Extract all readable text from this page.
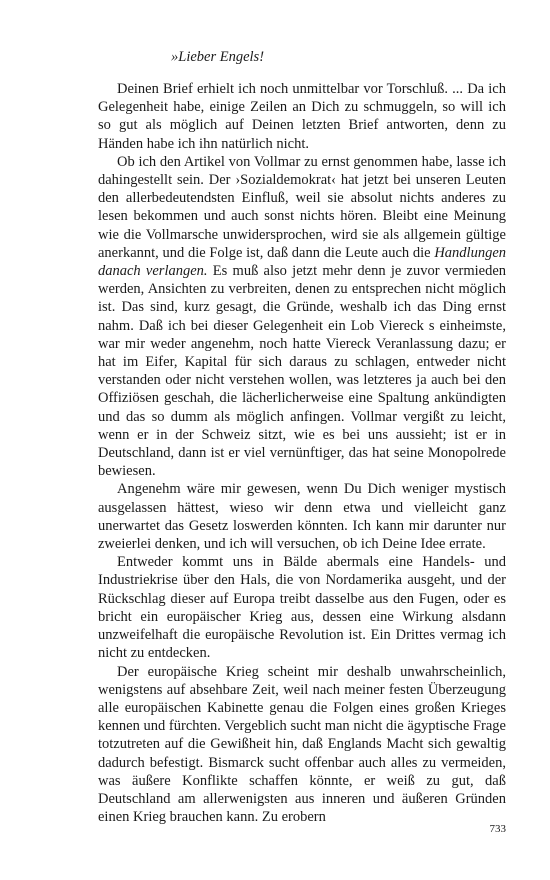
»Lieber Engels!

Deinen Brief erhielt ich noch unmittelbar vor Torschluß. ... Da ich Gelegenheit habe, einige Zeilen an Dich zu schmuggeln, so will ich so gut als möglich auf Deinen letzten Brief antworten, denn zu Händen habe ich ihn natürlich nicht.

Ob ich den Artikel von Vollmar zu ernst genommen habe, lasse ich dahingestellt sein. Der ›Sozialdemokrat‹ hat jetzt bei unseren Leuten den allerbedeutendsten Einfluß, weil sie absolut nichts anderes zu lesen bekommen und auch sonst nichts hören. Bleibt eine Meinung wie die Vollmarsche unwidersprochen, wird sie als allgemein gültige anerkannt, und die Folge ist, daß dann die Leute auch die Handlungen danach verlangen. Es muß also jetzt mehr denn je zuvor vermieden werden, Ansichten zu verbreiten, denen zu entsprechen nicht möglich ist. Das sind, kurz gesagt, die Gründe, weshalb ich das Ding ernst nahm. Daß ich bei dieser Gelegenheit ein Lob Viereck s einheimste, war mir weder angenehm, noch hatte Viereck Veranlassung dazu; er hat im Eifer, Kapital für sich daraus zu schlagen, entweder nicht verstanden oder nicht verstehen wollen, was letzteres ja auch bei den Offiziösen geschah, die lächerlicherweise eine Spaltung ankündigten und das so dumm als möglich anfingen. Vollmar vergißt zu leicht, wenn er in der Schweiz sitzt, wie es bei uns aussieht; ist er in Deutschland, dann ist er viel vernünftiger, das hat seine Monopolrede bewiesen.

Angenehm wäre mir gewesen, wenn Du Dich weniger mystisch ausgelassen hättest, wieso wir denn etwa und vielleicht ganz unerwartet das Gesetz loswerden könnten. Ich kann mir darunter nur zweierlei denken, und ich will versuchen, ob ich Deine Idee errate.

Entweder kommt uns in Bälde abermals eine Handels- und Industriekrise über den Hals, die von Nordamerika ausgeht, und der Rückschlag dieser auf Europa treibt dasselbe aus den Fugen, oder es bricht ein europäischer Krieg aus, dessen eine Wirkung alsdann unzweifelhaft die europäische Revolution ist. Ein Drittes vermag ich nicht zu entdecken.

Der europäische Krieg scheint mir deshalb unwahrscheinlich, wenigstens auf absehbare Zeit, weil nach meiner festen Überzeugung alle europäischen Kabinette genau die Folgen eines großen Krieges kennen und fürchten. Vergeblich sucht man nicht die ägyptische Frage totzutreten auf die Gewißheit hin, daß Englands Macht sich gewaltig dadurch befestigt. Bismarck sucht offenbar auch alles zu vermeiden, was äußere Konflikte schaffen könnte, er weiß zu gut, daß Deutschland am allerwenigsten aus inneren und äußeren Gründen einen Krieg brauchen kann. Zu erobern

733
